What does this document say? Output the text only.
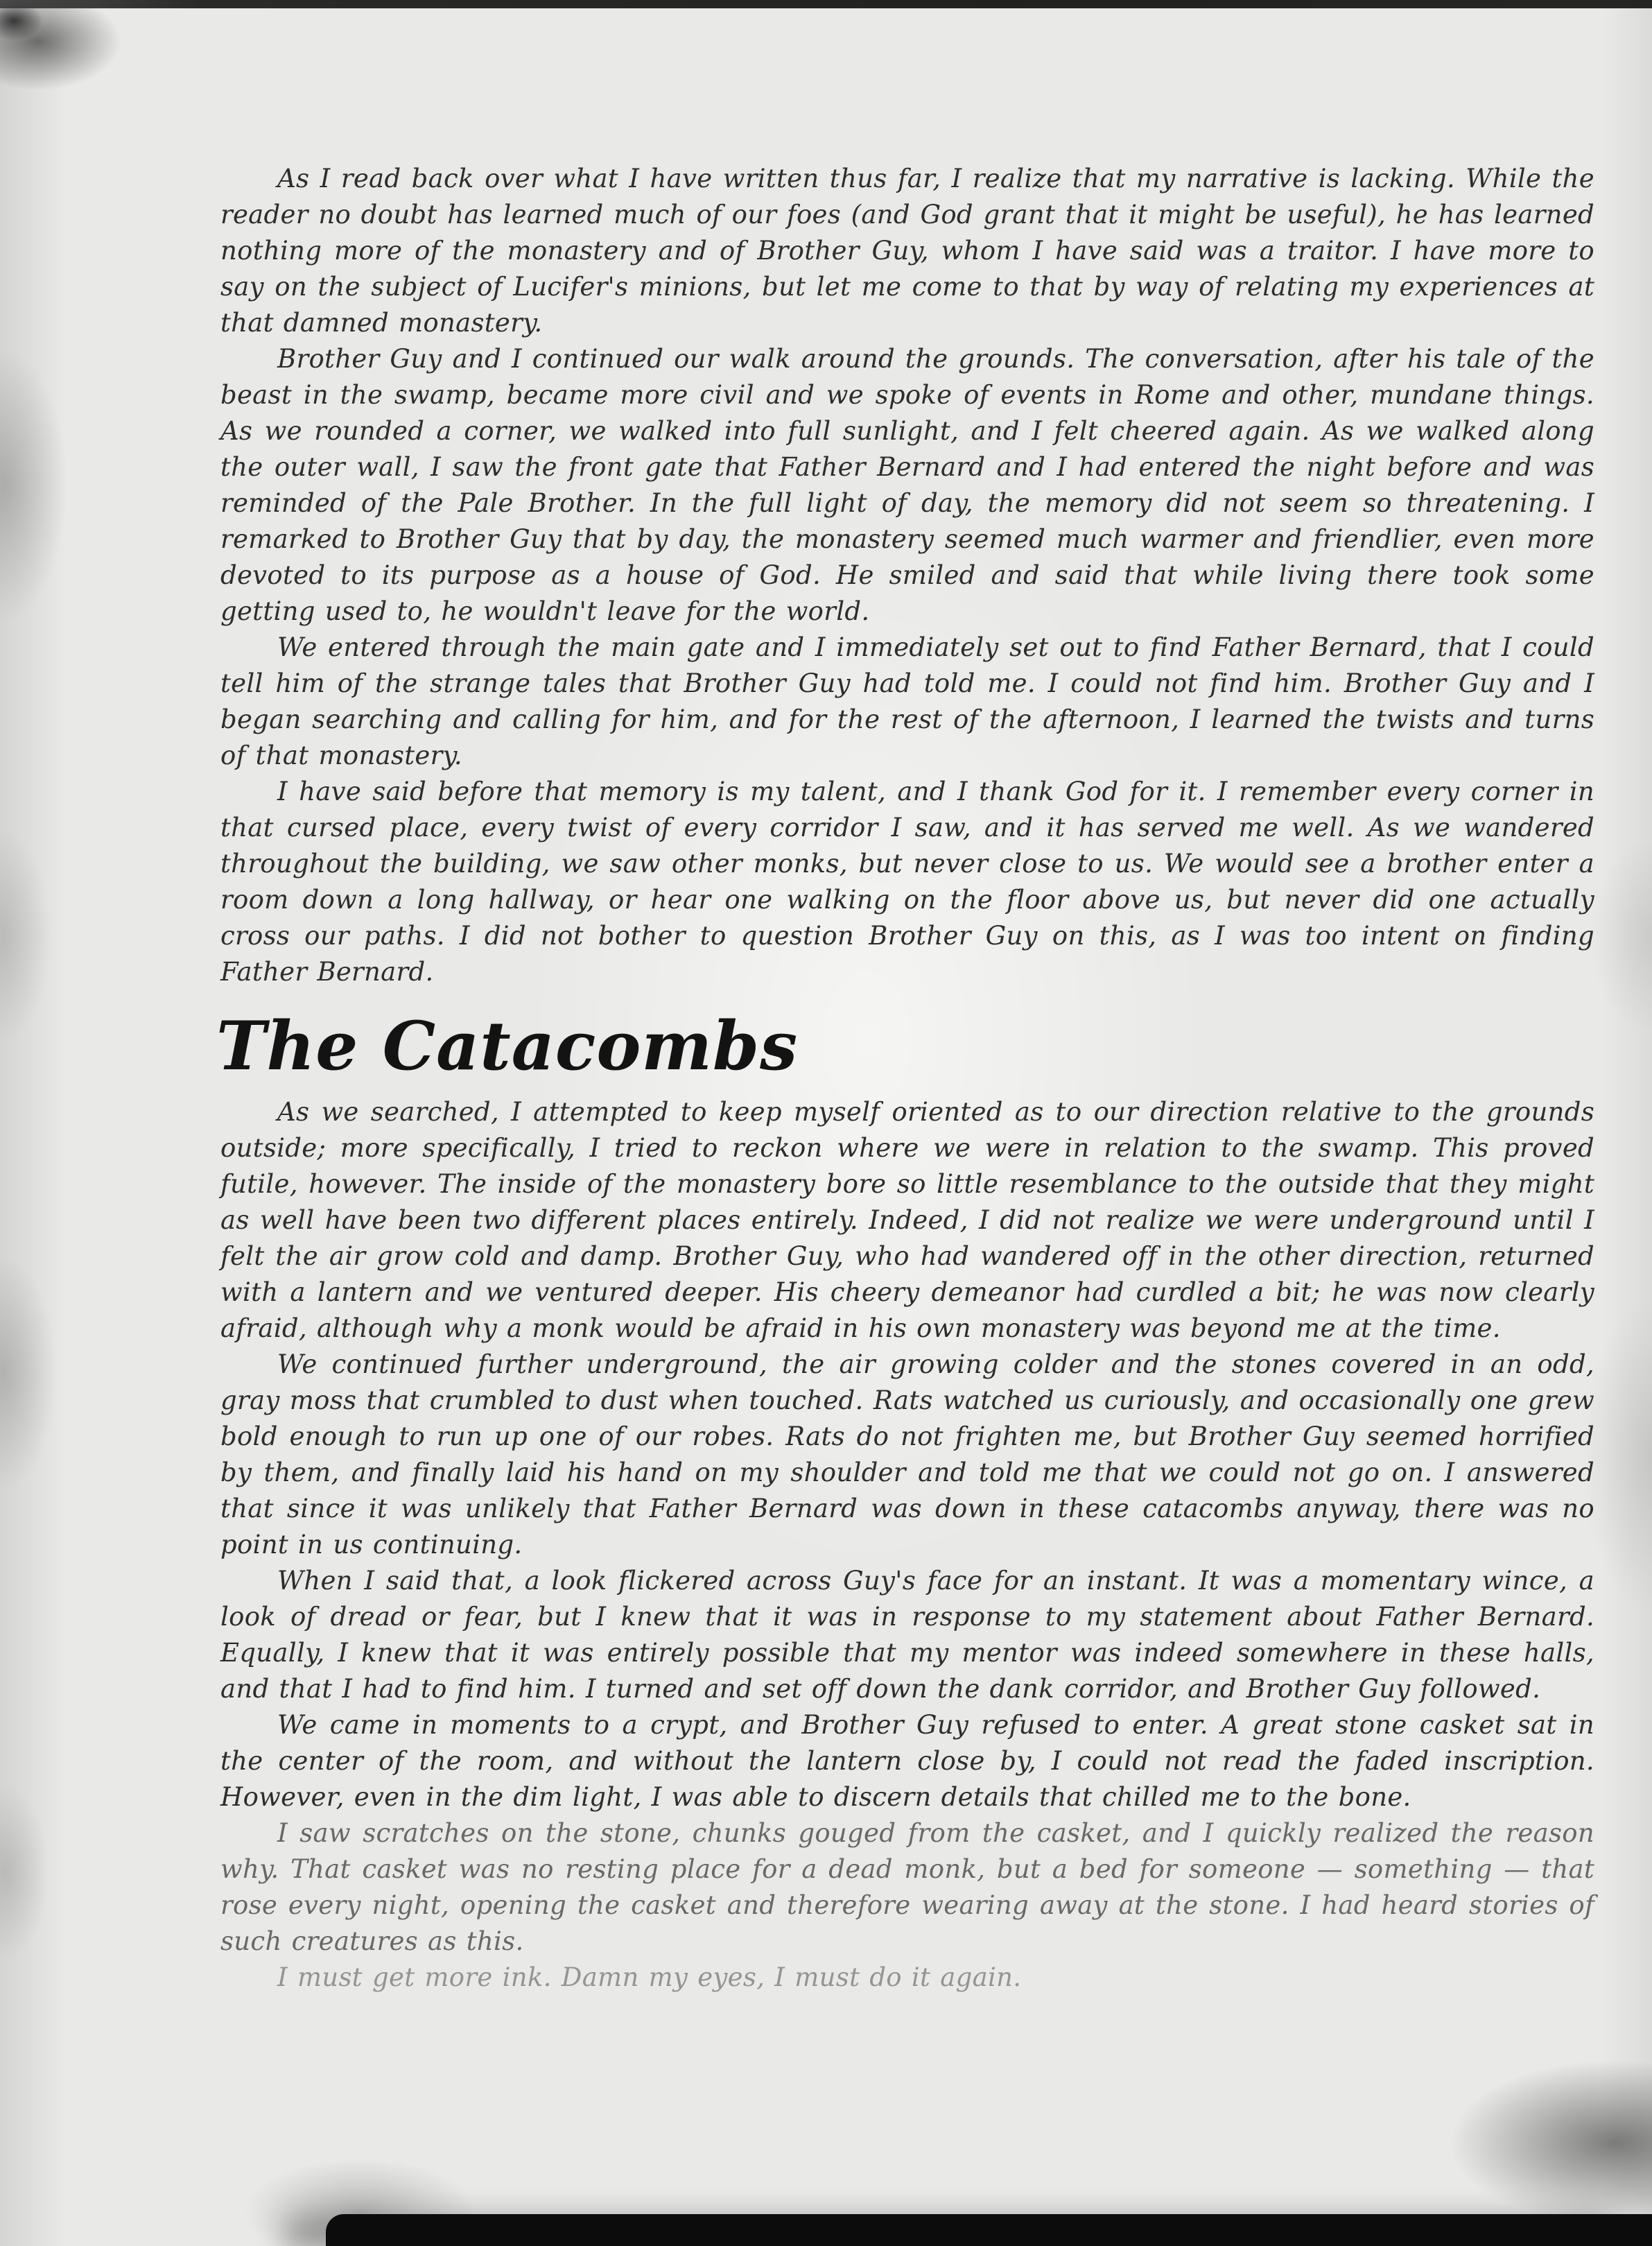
As I read back over what I have written thus far, I realize that my narrative is lacking. While the reader no doubt has learned much of our foes (and God grant that it might be useful), he has learned nothing more of the monastery and of Brother Guy, whom I have said was a traitor. I have more to say on the subject of Lucifer's minions, but let me come to that by way of relating my experiences at that damned monastery.

Brother Guy and I continued our walk around the grounds. The conversation, after his tale of the beast in the swamp, became more civil and we spoke of events in Rome and other, mundane things. As we rounded a corner, we walked into full sunlight, and I felt cheered again. As we walked along the outer wall, I saw the front gate that Father Bernard and I had entered the night before and was reminded of the Pale Brother. In the full light of day, the memory did not seem so threatening. I remarked to Brother Guy that by day, the monastery seemed much warmer and friendlier, even more devoted to its purpose as a house of God. He smiled and said that while living there took some getting used to, he wouldn't leave for the world.

We entered through the main gate and I immediately set out to find Father Bernard, that I could tell him of the strange tales that Brother Guy had told me. I could not find him. Brother Guy and I began searching and calling for him, and for the rest of the afternoon, I learned the twists and turns of that monastery.

I have said before that memory is my talent, and I thank God for it. I remember every corner in that cursed place, every twist of every corridor I saw, and it has served me well. As we wandered throughout the building, we saw other monks, but never close to us. We would see a brother enter a room down a long hallway, or hear one walking on the floor above us, but never did one actually cross our paths. I did not bother to question Brother Guy on this, as I was too intent on finding Father Bernard.

The Catacombs

As we searched, I attempted to keep myself oriented as to our direction relative to the grounds outside; more specifically, I tried to reckon where we were in relation to the swamp. This proved futile, however. The inside of the monastery bore so little resemblance to the outside that they might as well have been two different places entirely. Indeed, I did not realize we were underground until I felt the air grow cold and damp. Brother Guy, who had wandered off in the other direction, returned with a lantern and we ventured deeper. His cheery demeanor had curdled a bit; he was now clearly afraid, although why a monk would be afraid in his own monastery was beyond me at the time.

We continued further underground, the air growing colder and the stones covered in an odd, gray moss that crumbled to dust when touched. Rats watched us curiously, and occasionally one grew bold enough to run up one of our robes. Rats do not frighten me, but Brother Guy seemed horrified by them, and finally laid his hand on my shoulder and told me that we could not go on. I answered that since it was unlikely that Father Bernard was down in these catacombs anyway, there was no point in us continuing.

When I said that, a look flickered across Guy's face for an instant. It was a momentary wince, a look of dread or fear, but I knew that it was in response to my statement about Father Bernard. Equally, I knew that it was entirely possible that my mentor was indeed somewhere in these halls, and that I had to find him. I turned and set off down the dank corridor, and Brother Guy followed.

We came in moments to a crypt, and Brother Guy refused to enter. A great stone casket sat in the center of the room, and without the lantern close by, I could not read the faded inscription. However, even in the dim light, I was able to discern details that chilled me to the bone.

I saw scratches on the stone, chunks gouged from the casket, and I quickly realized the reason why. That casket was no resting place for a dead monk, but a bed for someone — something — that rose every night, opening the casket and therefore wearing away at the stone. I had heard stories of such creatures as this.

I must get more ink. Damn my eyes, I must do it again.
